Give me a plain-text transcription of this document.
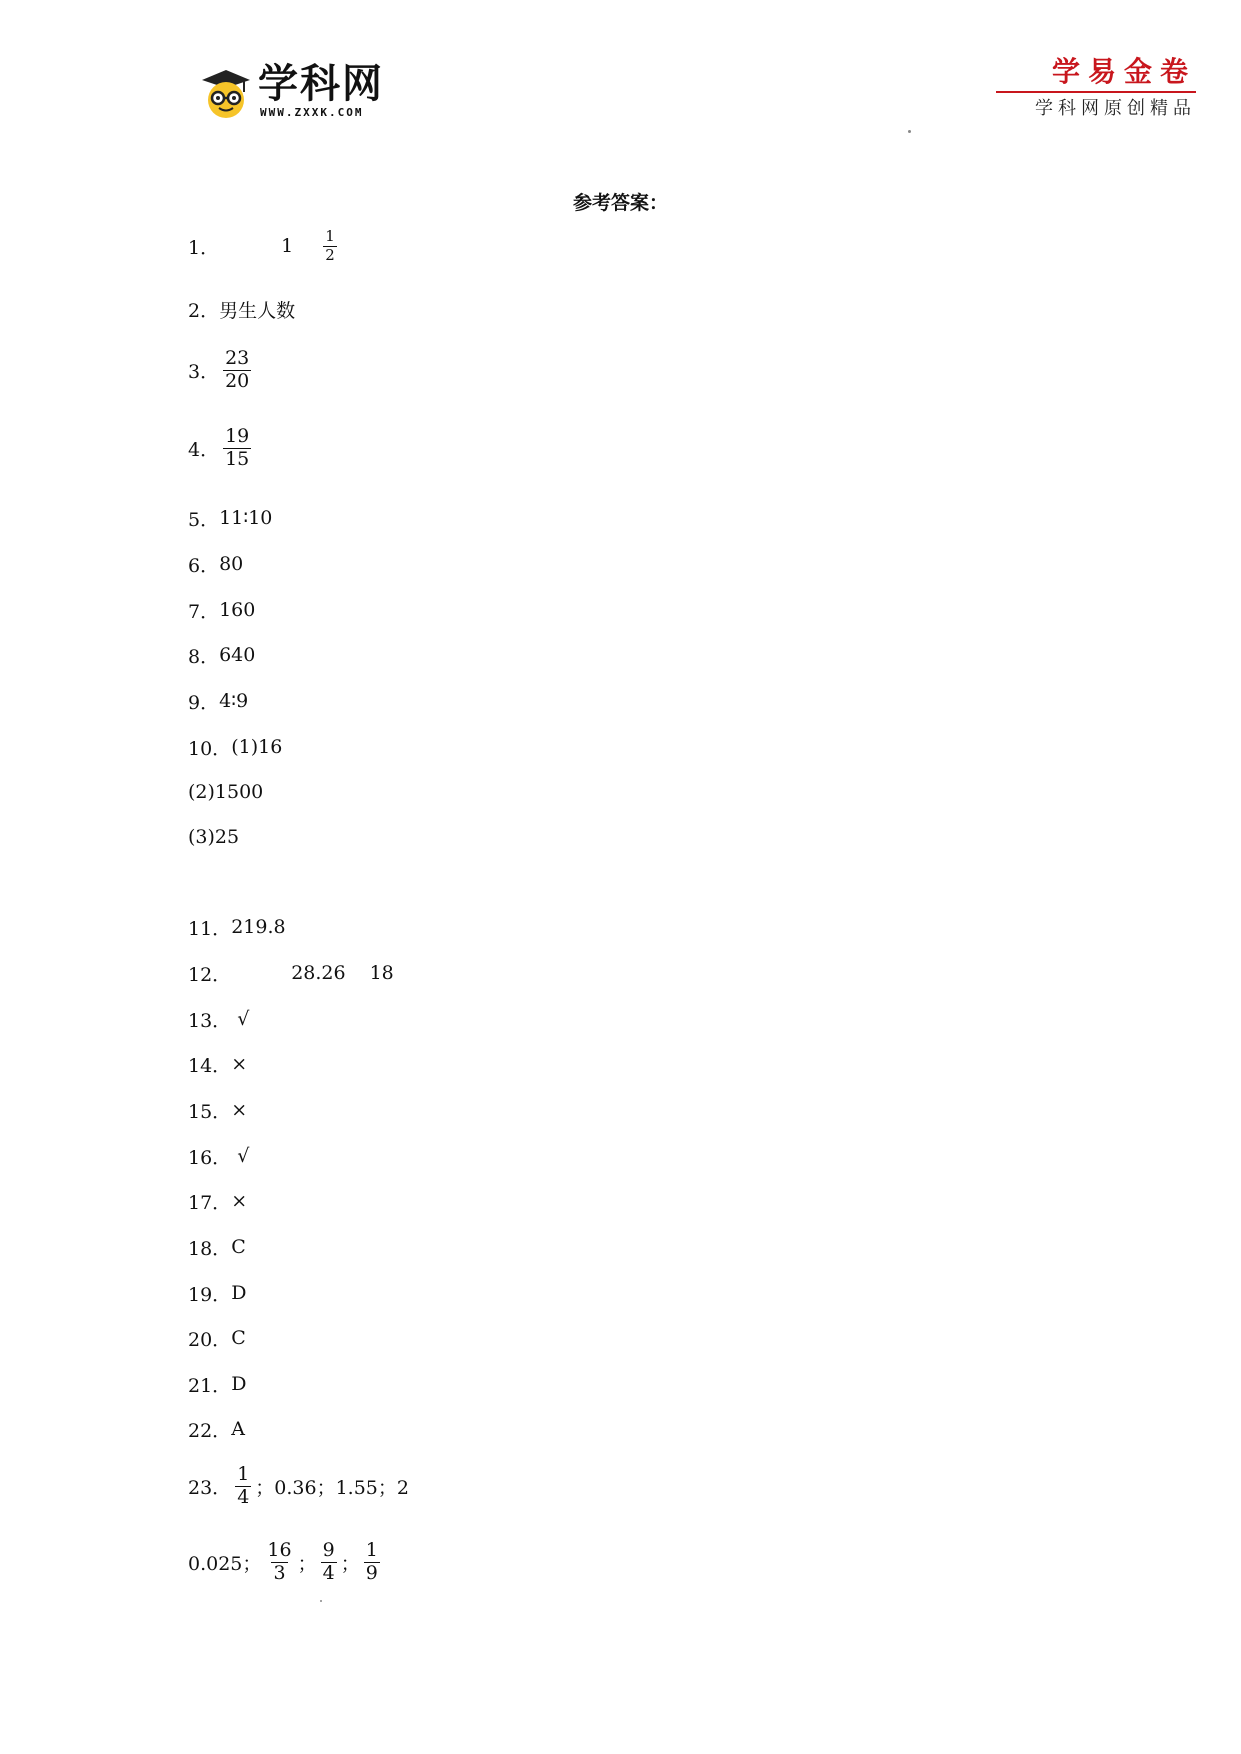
学科网
WWW.ZXXK.COM
学易金卷
学科网原创精品
参考答案：
1．	$1 \frac{1}{2}$
2． 男生人数
3． $\frac{23}{20}$
4． $\frac{19}{15}$
5． 11∶10
6． 80
7． 160
8． 640
9． 4∶9
10． (1)16
(2)1500
(3)25
11． 219.8
12．	28.26 18
13． √
14． ×
15． ×
16． √
17． ×
18． C
19． D
20． C
21． D
22． A
23． $\frac{1}{4}$ ；0.36；1.55；2
0.025； $\frac{16}{3}$ ； $\frac{9}{4}$ ； $\frac{1}{9}$
